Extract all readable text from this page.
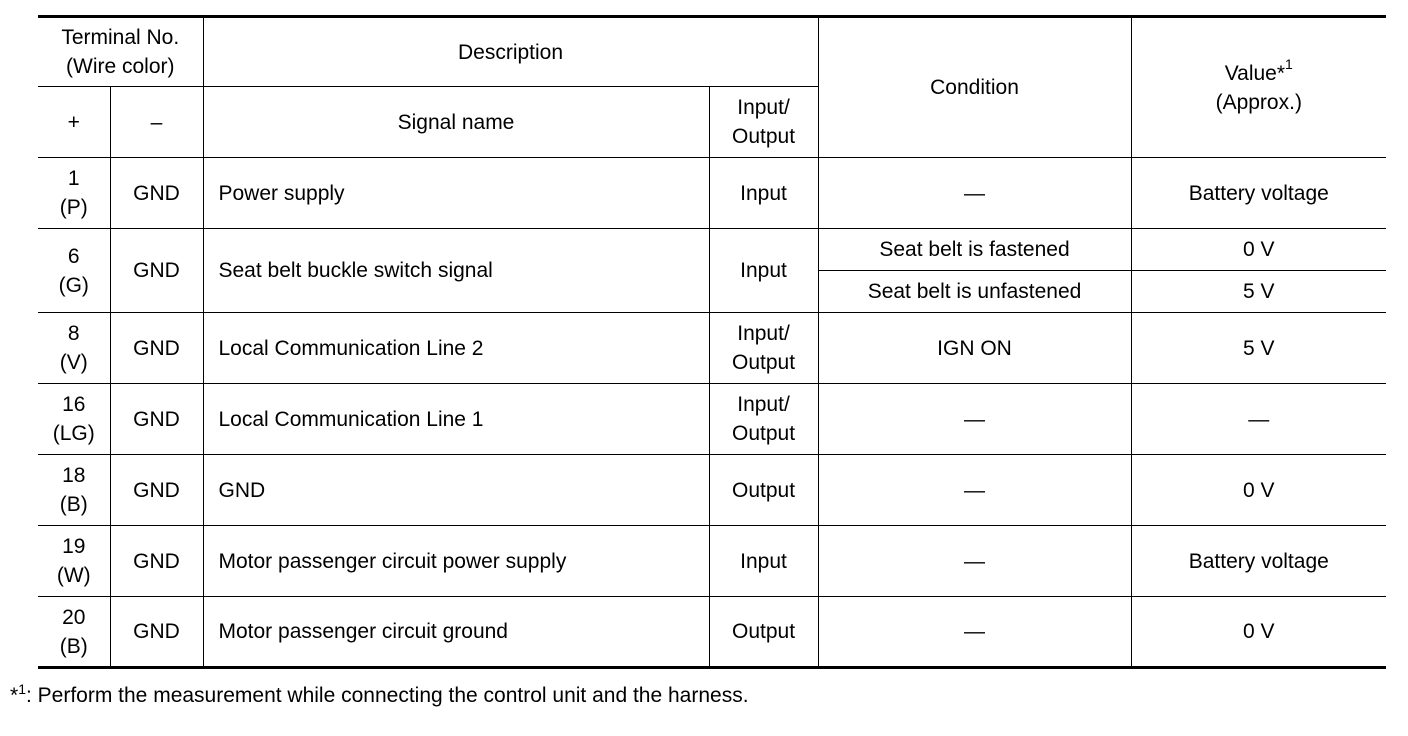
Terminal No.
(Wire color)		Description		Condition	Value*$^1$
(Approx.)

+	–	Signal name	Input/
Output		

1
(P)	GND	Power supply	Input	—	Battery voltage

6
(G)	GND	Seat belt buckle switch signal	Input	Seat belt is fastened	0 V
				Seat belt is unfastened	5 V

8
(V)	GND	Local Communication Line 2	Input/
Output	IGN ON	5 V

16
(LG)	GND	Local Communication Line 1	Input/
Output	—	—

18
(B)	GND	GND	Output	—	0 V

19
(W)	GND	Motor passenger circuit power supply	Input	—	Battery voltage

20
(B)	GND	Motor passenger circuit ground	Output	—	0 V
*$^1$: Perform the measurement while connecting the control unit and the harness.
